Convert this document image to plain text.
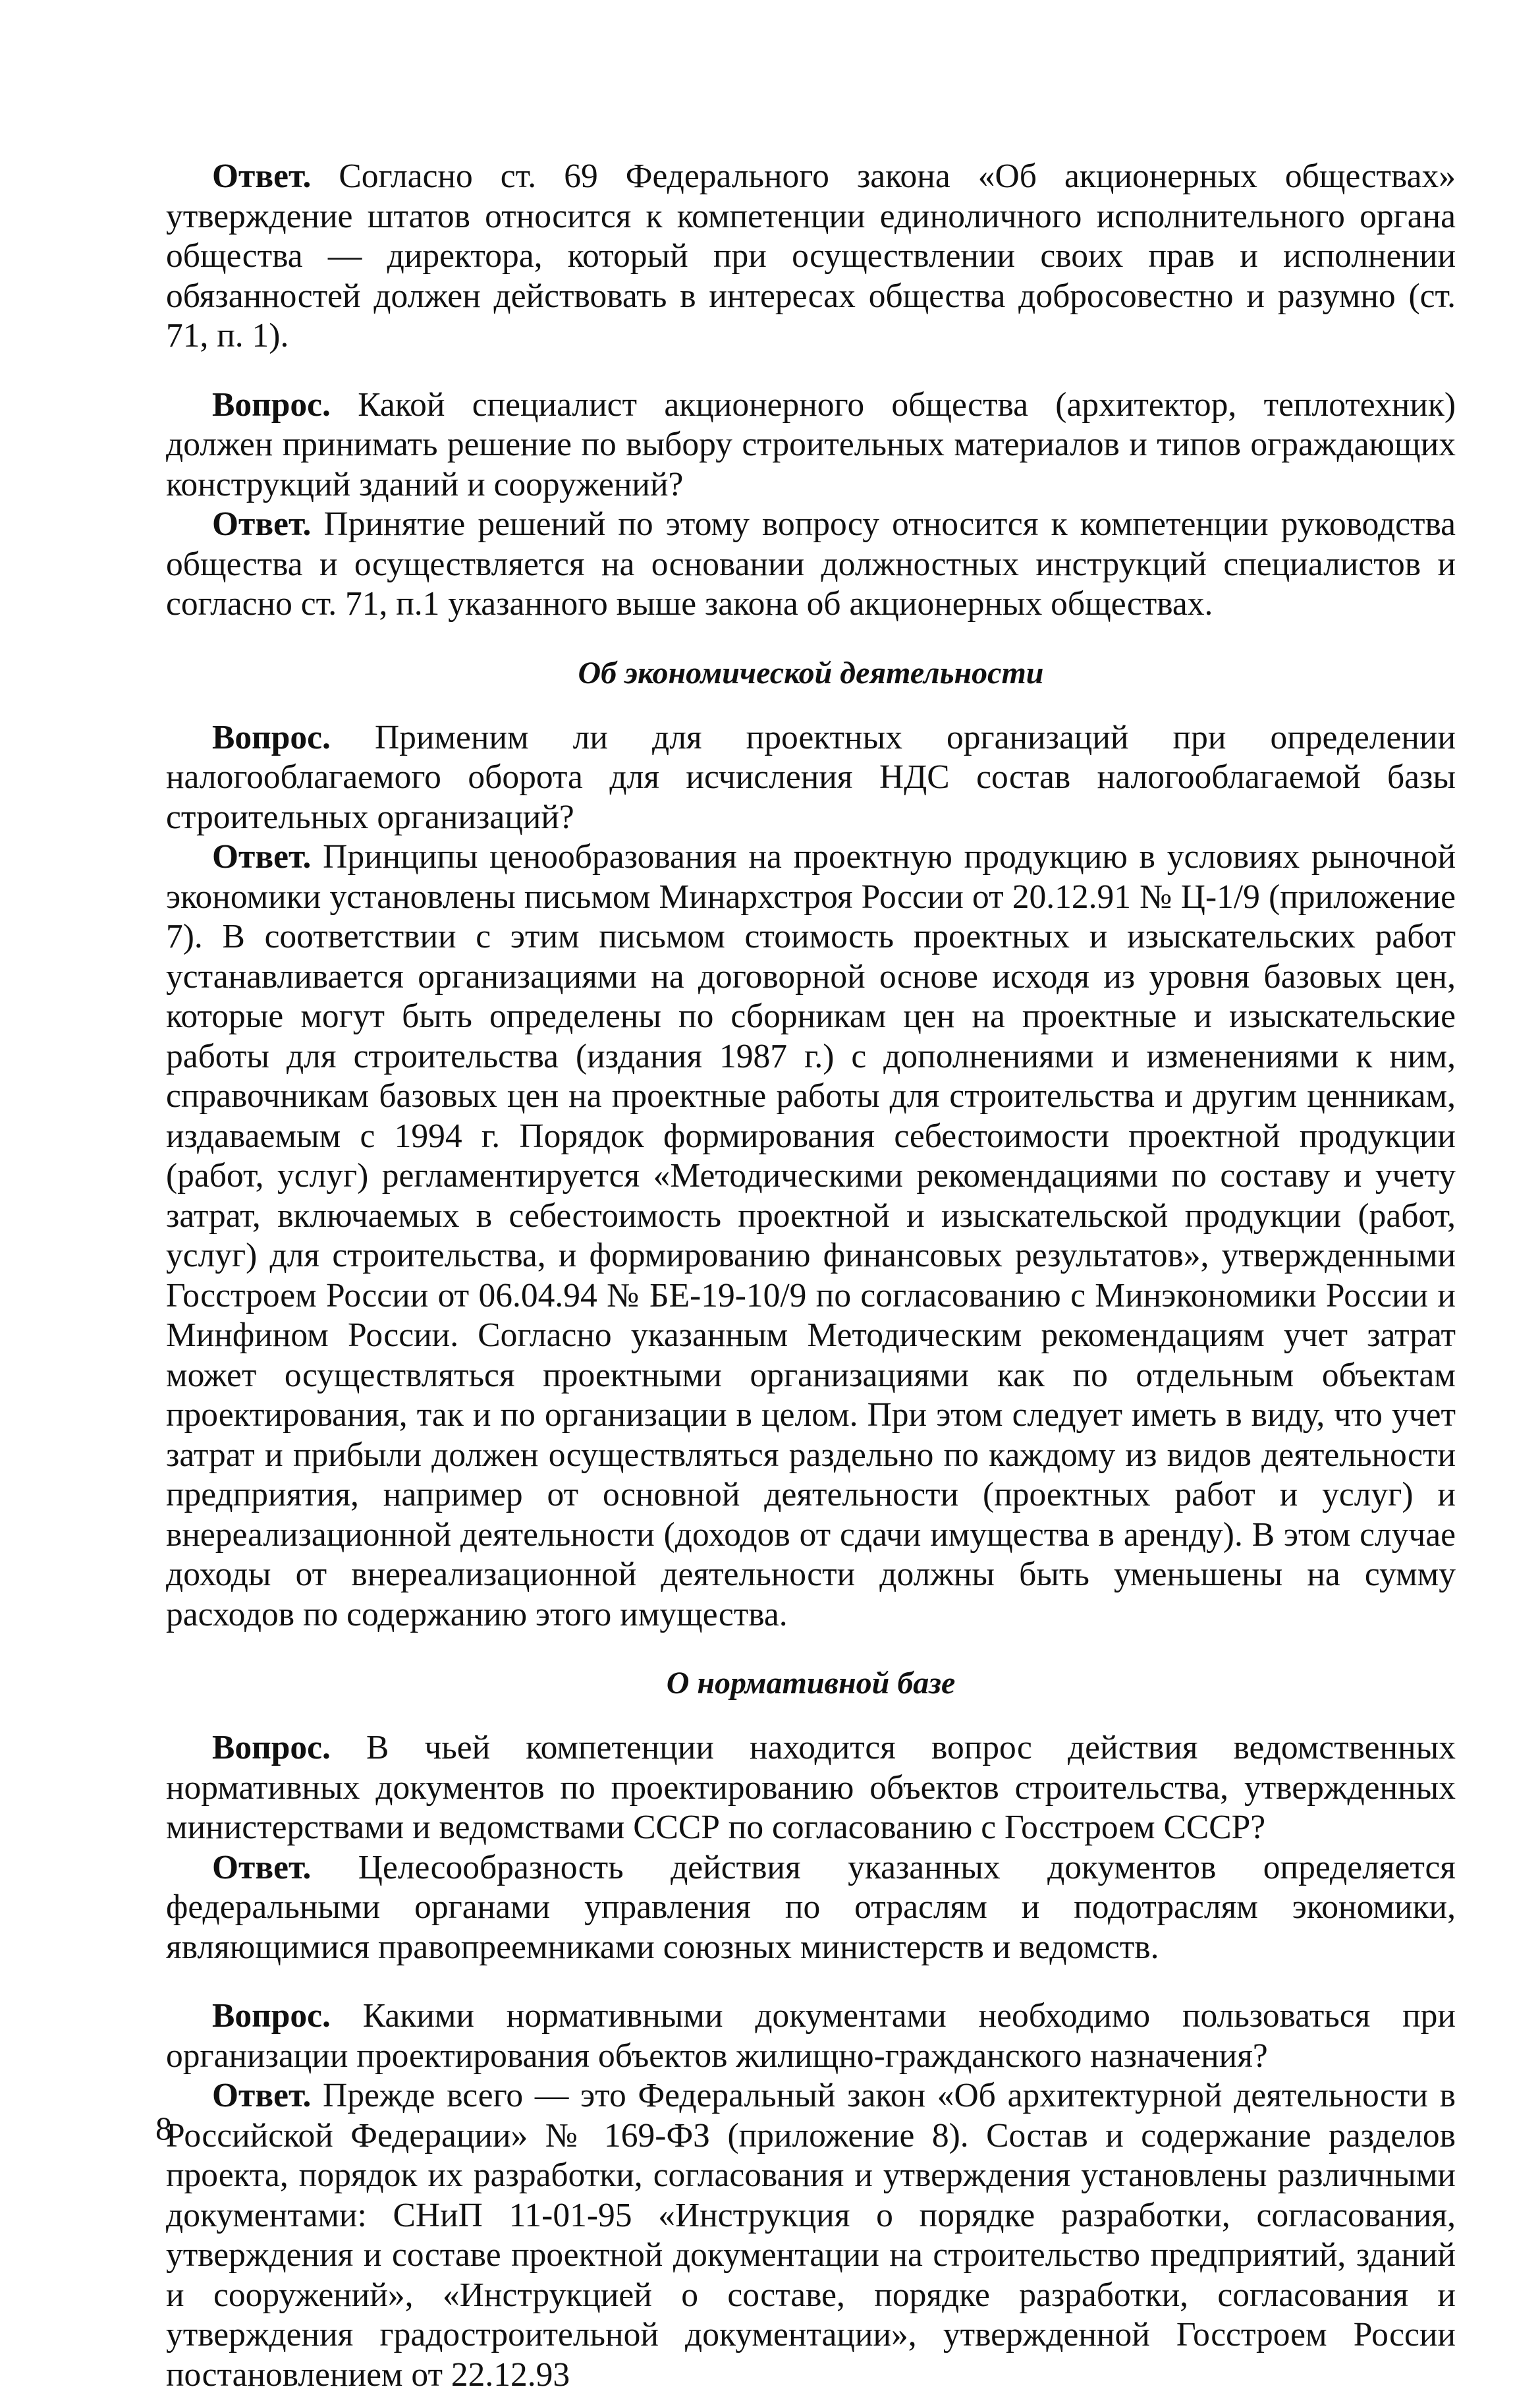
Ответ. Согласно ст. 69 Федерального закона «Об акционерных обществах» утверждение штатов относится к компетенции единоличного исполнительного органа общества — директора, который при осуществлении своих прав и исполнении обязанностей должен действовать в интересах общества добросовестно и разумно (ст. 71, п. 1).

Вопрос. Какой специалист акционерного общества (архитектор, теплотехник) должен принимать решение по выбору строительных материалов и типов ограждающих конструкций зданий и сооружений?

Ответ. Принятие решений по этому вопросу относится к компетенции руководства общества и осуществляется на основании должностных инструкций специалистов и согласно ст. 71, п.1 указанного выше закона об акционерных обществах.

Об экономической деятельности

Вопрос. Применим ли для проектных организаций при определении налогооблагаемого оборота для исчисления НДС состав налогооблагаемой базы строительных организаций?

Ответ. Принципы ценообразования на проектную продукцию в условиях рыночной экономики установлены письмом Минархстроя России от 20.12.91 № Ц-1/9 (приложение 7). В соответствии с этим письмом стоимость проектных и изыскательских работ устанавливается организациями на договорной основе исходя из уровня базовых цен, которые могут быть определены по сборникам цен на проектные и изыскательские работы для строительства (издания 1987 г.) с дополнениями и изменениями к ним, справочникам базовых цен на проектные работы для строительства и другим ценникам, издаваемым с 1994 г. Порядок формирования себестоимости проектной продукции (работ, услуг) регламентируется «Методическими рекомендациями по составу и учету затрат, включаемых в себестоимость проектной и изыскательской продукции (работ, услуг) для строительства, и формированию финансовых результатов», утвержденными Госстроем России от 06.04.94 № БЕ-19-10/9 по согласованию с Минэкономики России и Минфином России. Согласно указанным Методическим рекомендациям учет затрат может осуществляться проектными организациями как по отдельным объектам проектирования, так и по организации в целом. При этом следует иметь в виду, что учет затрат и прибыли должен осуществляться раздельно по каждому из видов деятельности предприятия, например от основной деятельности (проектных работ и услуг) и внереализационной деятельности (доходов от сдачи имущества в аренду). В этом случае доходы от внереализационной деятельности должны быть уменьшены на сумму расходов по содержанию этого имущества.

О нормативной базе

Вопрос. В чьей компетенции находится вопрос действия ведомственных нормативных документов по проектированию объектов строительства, утвержденных министерствами и ведомствами СССР по согласованию с Госстроем СССР?

Ответ. Целесообразность действия указанных документов определяется федеральными органами управления по отраслям и подотраслям экономики, являющимися правопреемниками союзных министерств и ведомств.

Вопрос. Какими нормативными документами необходимо пользоваться при организации проектирования объектов жилищно-гражданского назначения?

Ответ. Прежде всего — это Федеральный закон «Об архитектурной деятельности в Российской Федерации» № 169-ФЗ (приложение 8). Состав и содержание разделов проекта, порядок их разработки, согласования и утверждения установлены различными документами: СНиП 11-01-95 «Инструкция о порядке разработки, согласования, утверждения и составе проектной документации на строительство предприятий, зданий и сооружений», «Инструкцией о составе, порядке разработки, согласования и утверждения градостроительной документации», утвержденной Госстроем России постановлением от 22.12.93

8
